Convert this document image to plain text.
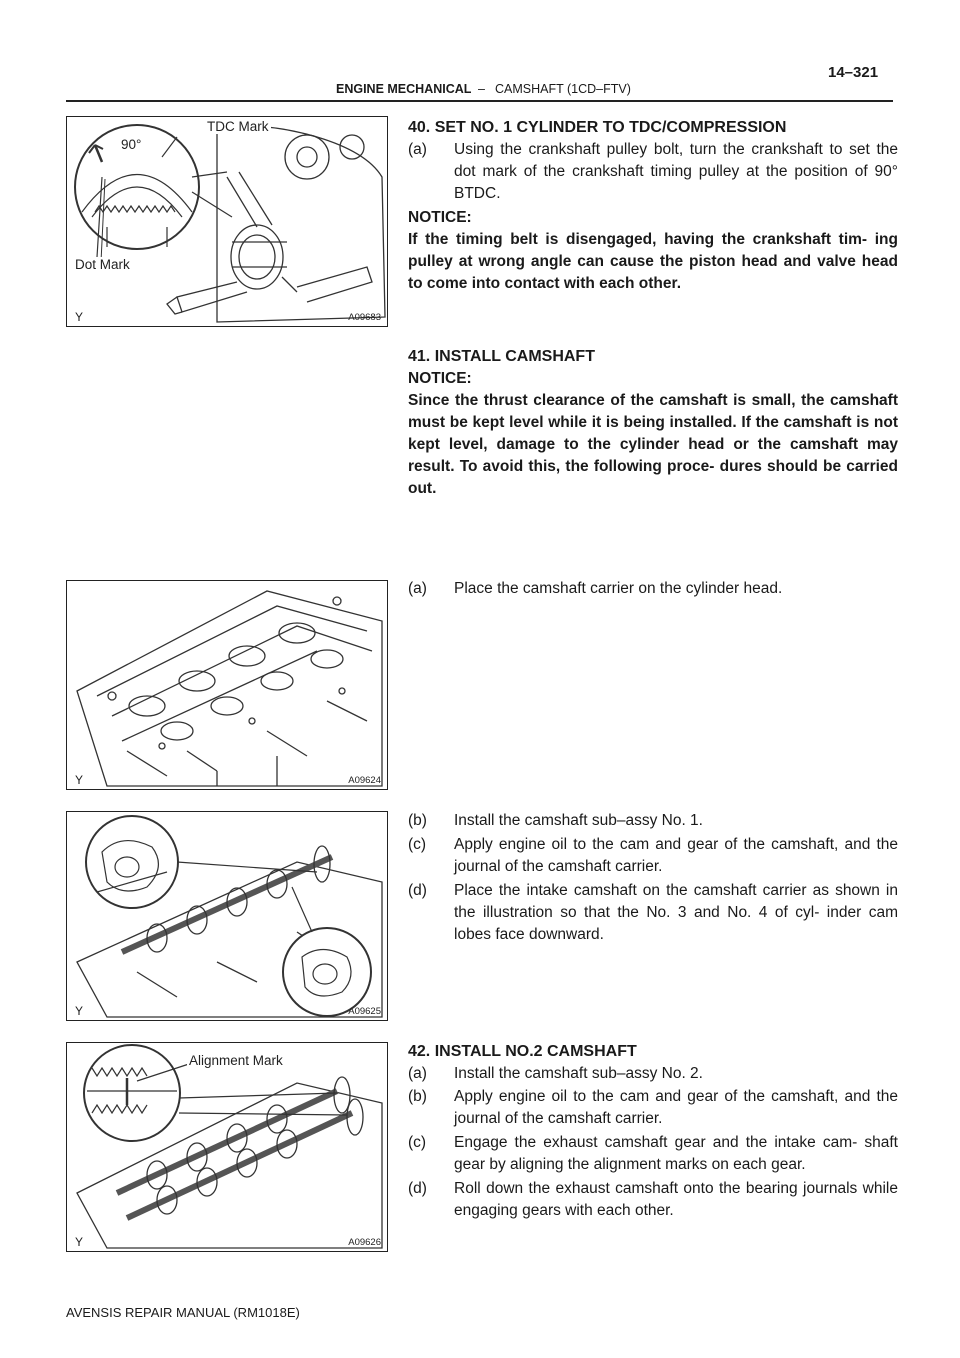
ENGINE MECHANICAL – CAMSHAFT (1CD–FTV)
14–321
90°
TDC Mark
Dot Mark
Y	A09683
Y	A09624
Y	A09625
Alignment Mark
Y	A09626
40. SET NO. 1 CYLINDER TO TDC/COMPRESSION
(a) Using the crankshaft pulley bolt, turn the crankshaft to set the dot mark of the crankshaft timing pulley at the position of 90° BTDC.
NOTICE:
If the timing belt is disengaged, having the crankshaft tim- ing pulley at wrong angle can cause the piston head and valve head to come into contact with each other.
41. INSTALL CAMSHAFT
NOTICE:
Since the thrust clearance of the camshaft is small, the camshaft must be kept level while it is being installed. If the camshaft is not kept level, damage to the cylinder head or the camshaft may result. To avoid this, the following proce- dures should be carried out.
(a) Place the camshaft carrier on the cylinder head.
(b) Install the camshaft sub–assy No. 1.
(c) Apply engine oil to the cam and gear of the camshaft, and the journal of the camshaft carrier.
(d) Place the intake camshaft on the camshaft carrier as shown in the illustration so that the No. 3 and No. 4 of cyl- inder cam lobes face downward.
42. INSTALL NO.2 CAMSHAFT
(a) Install the camshaft sub–assy No. 2.
(b) Apply engine oil to the cam and gear of the camshaft, and the journal of the camshaft carrier.
(c) Engage the exhaust camshaft gear and the intake cam- shaft gear by aligning the alignment marks on each gear.
(d) Roll down the exhaust camshaft onto the bearing journals while engaging gears with each other.
AVENSIS REPAIR MANUAL (RM1018E)
